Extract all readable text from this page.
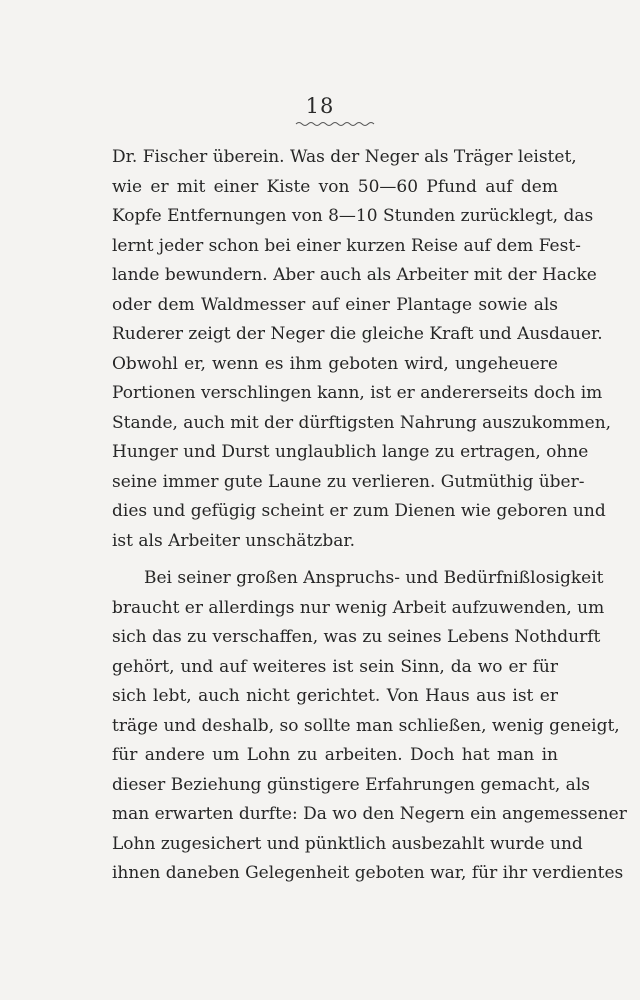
18
Dr. Fischer überein. Was der Neger als Träger leistet,
wie er mit einer Kiste von 50—60 Pfund auf dem
Kopfe Entfernungen von 8—10 Stunden zurücklegt, das
lernt jeder schon bei einer kurzen Reise auf dem Fest-
lande bewundern. Aber auch als Arbeiter mit der Hacke
oder dem Waldmesser auf einer Plantage sowie als
Ruderer zeigt der Neger die gleiche Kraft und Ausdauer.
Obwohl er, wenn es ihm geboten wird, ungeheuere
Portionen verschlingen kann, ist er andererseits doch im
Stande, auch mit der dürftigsten Nahrung auszukommen,
Hunger und Durst unglaublich lange zu ertragen, ohne
seine immer gute Laune zu verlieren. Gutmüthig über-
dies und gefügig scheint er zum Dienen wie geboren und
ist als Arbeiter unschätzbar.
Bei seiner großen Anspruchs- und Bedürfnißlosigkeit
braucht er allerdings nur wenig Arbeit aufzuwenden, um
sich das zu verschaffen, was zu seines Lebens Nothdurft
gehört, und auf weiteres ist sein Sinn, da wo er für
sich lebt, auch nicht gerichtet. Von Haus aus ist er
träge und deshalb, so sollte man schließen, wenig geneigt,
für andere um Lohn zu arbeiten. Doch hat man in
dieser Beziehung günstigere Erfahrungen gemacht, als
man erwarten durfte: Da wo den Negern ein angemessener
Lohn zugesichert und pünktlich ausbezahlt wurde und
ihnen daneben Gelegenheit geboten war, für ihr verdientes
